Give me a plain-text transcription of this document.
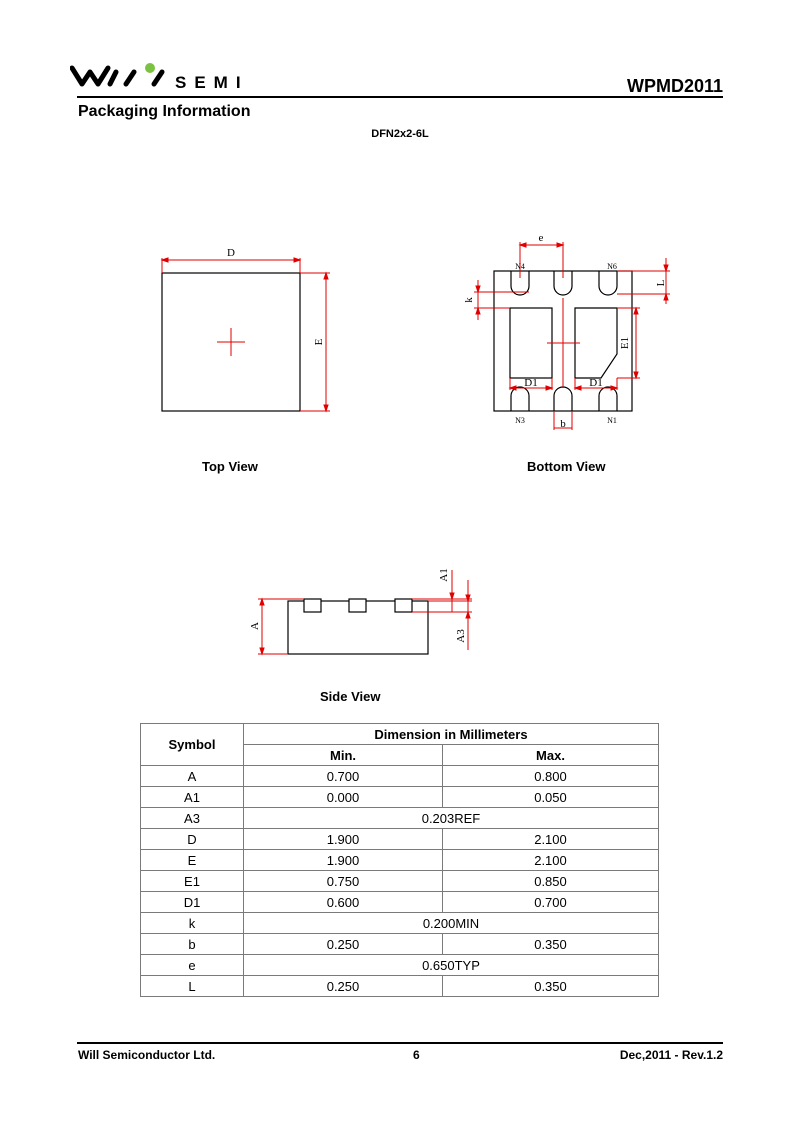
SEMI	WPMD2011
Packaging Information
DFN2x2-6L
D
E
Top View
e
N4	N6
N3	N1
k
L
E1
D1	D1
b
Bottom View
A
A1
A3
Side View
Symbol	Dimension in Millimeters	
	Min.	Max.
A	0.700	0.800
A1	0.000	0.050
A3	0.203REF	
D	1.900	2.100
E	1.900	2.100
E1	0.750	0.850
D1	0.600	0.700
k	0.200MIN	
b	0.250	0.350
e	0.650TYP	
L	0.250	0.350
Will Semiconductor Ltd.	6	Dec,2011 - Rev.1.2
